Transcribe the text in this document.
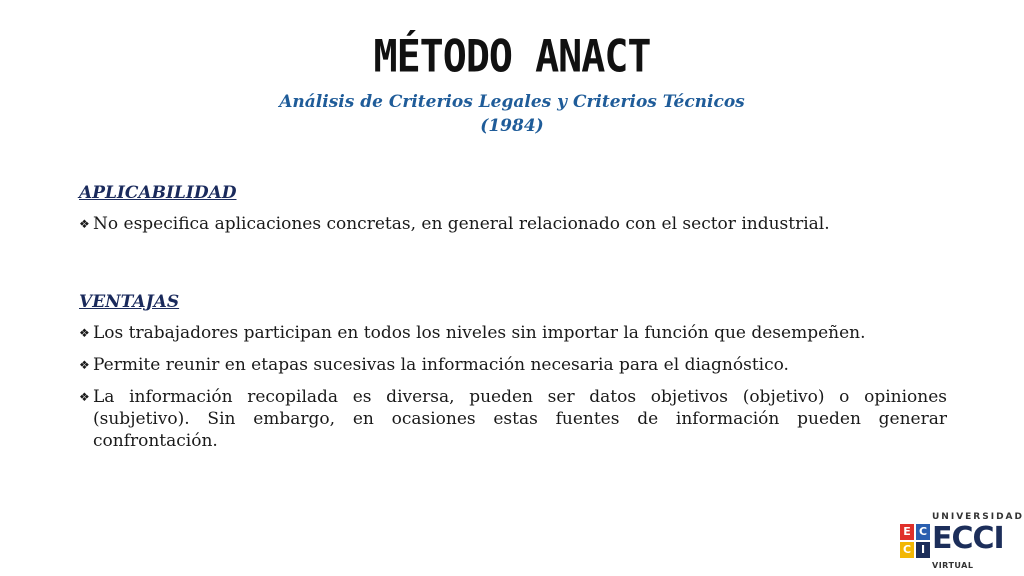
MÉTODO ANACT
Análisis de Criterios Legales y Criterios Técnicos
(1984)
APLICABILIDAD
❖ No especifica aplicaciones concretas, en general relacionado con el sector industrial.
VENTAJAS
❖ Los trabajadores participan en todos los niveles sin importar la función que desempeñen.
❖ Permite reunir en etapas sucesivas la información necesaria para el diagnóstico.
❖ La información recopilada es diversa, pueden ser datos objetivos (objetivo) o opiniones (subjetivo). Sin embargo, en ocasiones estas fuentes de información pueden generar confrontación.
UNIVERSIDAD
E C
C I ECCI
VIRTUAL
